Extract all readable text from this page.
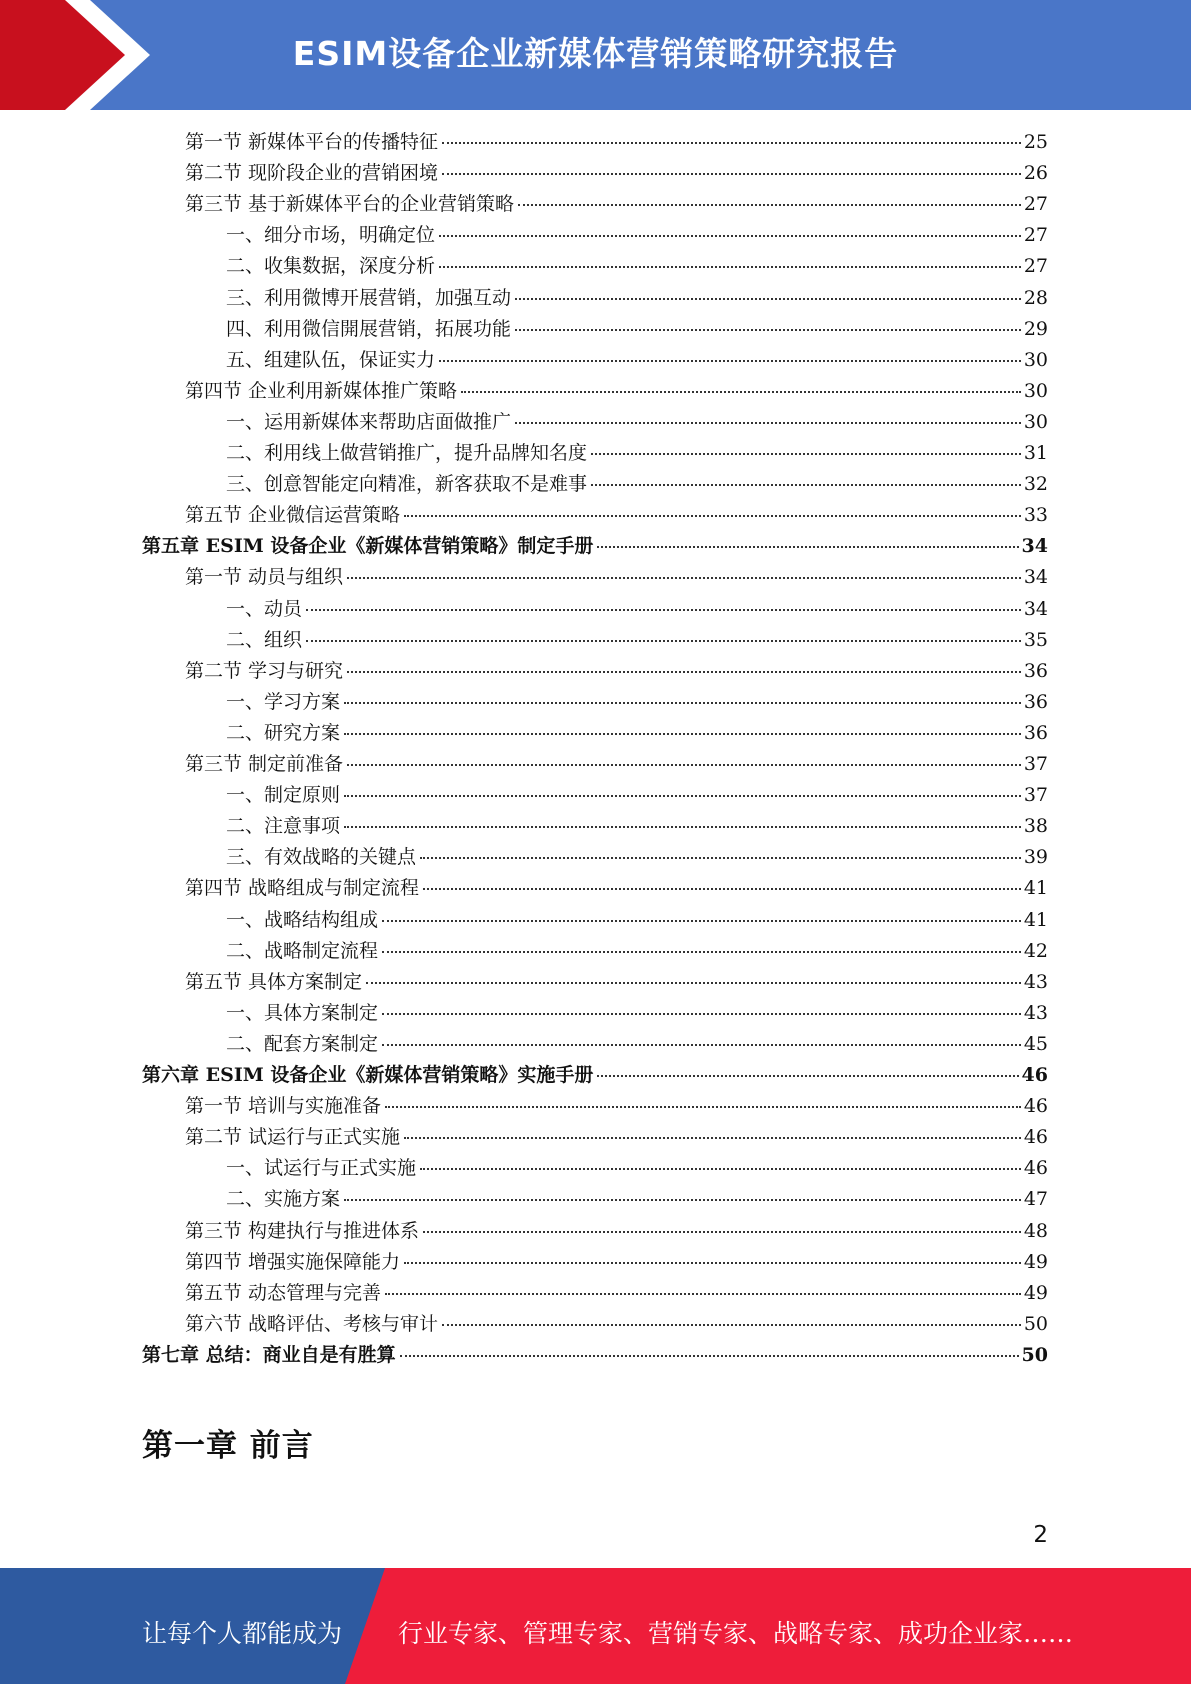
ESIM设备企业新媒体营销策略研究报告
第一节 新媒体平台的传播特征	25
第二节 现阶段企业的营销困境	26
第三节 基于新媒体平台的企业营销策略	27
一、细分市场，明确定位	27
二、收集数据，深度分析	27
三、利用微博开展营销，加强互动	28
四、利用微信開展营销，拓展功能	29
五、组建队伍，保证实力	30
第四节 企业利用新媒体推广策略	30
一、运用新媒体来帮助店面做推广	30
二、利用线上做营销推广，提升品牌知名度	31
三、创意智能定向精准，新客获取不是难事	32
第五节 企业微信运营策略	33
第五章 ESIM 设备企业《新媒体营销策略》制定手册	34
第一节 动员与组织	34
一、动员	34
二、组织	35
第二节 学习与研究	36
一、学习方案	36
二、研究方案	36
第三节 制定前准备	37
一、制定原则	37
二、注意事项	38
三、有效战略的关键点	39
第四节 战略组成与制定流程	41
一、战略结构组成	41
二、战略制定流程	42
第五节 具体方案制定	43
一、具体方案制定	43
二、配套方案制定	45
第六章 ESIM 设备企业《新媒体营销策略》实施手册	46
第一节 培训与实施准备	46
第二节 试运行与正式实施	46
一、试运行与正式实施	46
二、实施方案	47
第三节 构建执行与推进体系	48
第四节 增强实施保障能力	49
第五节 动态管理与完善	49
第六节 战略评估、考核与审计	50
第七章 总结：商业自是有胜算	50
第一章 前言
2
让每个人都能成为 行业专家、管理专家、营销专家、战略专家、成功企业家……
